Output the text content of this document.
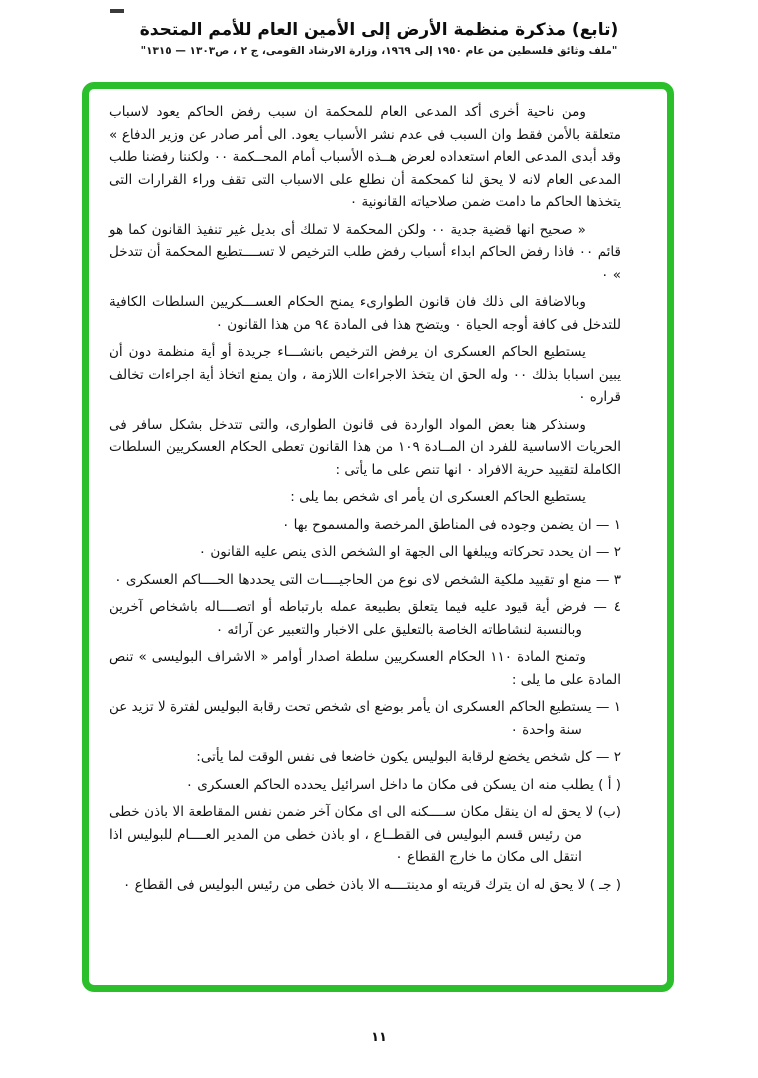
(تابع) مذكرة منظمة الأرض إلى الأمين العام للأمم المتحدة
"ملف وثائق فلسطين من عام ١٩٥٠ إلى ١٩٦٩، وزارة الارشاد القومى، ج ٢ ، ص١٣٠٣ — ١٣١٥"
ومن ناحية أخرى أكد المدعى العام للمحكمة ان سبب رفض الحاكم يعود لاسباب متعلقة بالأمن فقط وان السبب فى عدم نشر الأسباب يعود. الى أمر صادر عن وزير الدفاع » وقد أبدى المدعى العام استعداده لعرض هــذه الأسباب أمام المحــكمة ٠٠ ولكننا رفضنا طلب المدعى العام لانه لا يحق لنا كمحكمة أن نطلع على الاسباب التى تقف وراء القرارات التى يتخذها الحاكم ما دامت ضمن صلاحياته القانونية ٠
« صحيح انها قضية جدية ٠٠ ولكن المحكمة لا تملك أى بديل غير تنفيذ القانون كما هو قائم ٠٠ فاذا رفض الحاكم ابداء أسباب رفض طلب الترخيص لا تســــتطيع المحكمة أن تتدخل » ٠
وبالاضافة الى ذلك فان قانون الطوارىء يمنح الحكام العســـكريين السلطات الكافية للتدخل فى كافة أوجه الحياة ٠ ويتضح هذا فى المادة ٩٤ من هذا القانون ٠
يستطيع الحاكم العسكرى ان يرفض الترخيص بانشـــاء جريدة أو أية منظمة دون أن يبين اسبابا بذلك ٠٠ وله الحق ان يتخذ الاجراءات اللازمة ، وان يمنع اتخاذ أية اجراءات تخالف قراره ٠
وسنذكر هنا بعض المواد الواردة فى قانون الطوارى، والتى تتدخل بشكل سافر فى الحريات الاساسية للفرد ان المــادة ١٠٩ من هذا القانون تعطى الحكام العسكريين السلطات الكاملة لتقييد حرية الافراد ٠ انها تنص على ما يأتى :
يستطيع الحاكم العسكرى ان يأمر اى شخص بما يلى :
١ — ان يضمن وجوده فى المناطق المرخصة والمسموح بها ٠
٢ — ان يحدد تحركاته ويبلغها الى الجهة او الشخص الذى ينص عليه القانون ٠
٣ — منع او تقييد ملكية الشخص لاى نوع من الحاجيــــات التى يحددها الحــــاكم العسكرى ٠
٤ — فرض أية قيود عليه فيما يتعلق بطبيعة عمله بارتباطه أو اتصــــاله باشخاص آخرين وبالنسبة لنشاطاته الخاصة بالتعليق على الاخبار والتعبير عن آرائه ٠
وتمنح المادة ١١٠ الحكام العسكريين سلطة اصدار أوامر « الاشراف البوليسى » تنص المادة على ما يلى :
١ — يستطيع الحاكم العسكرى ان يأمر بوضع اى شخص تحت رقابة البوليس لفترة لا تزيد عن سنة واحدة ٠
٢ — كل شخص يخضع لرقابة البوليس يكون خاضعا فى نفس الوقت لما يأتى:
( أ ) يطلب منه ان يسكن فى مكان ما داخل اسرائيل يحدده الحاكم العسكرى ٠
(ب) لا يحق له ان ينقل مكان ســــكنه الى اى مكان آخر ضمن نفس المقاطعة الا باذن خطى من رئيس قسم البوليس فى القطــاع ، او باذن خطى من المدير العــــام للبوليس اذا انتقل الى مكان ما خارج القطاع ٠
( جـ ) لا يحق له ان يترك قريته او مدينتــــه الا باذن خطى من رئيس البوليس فى القطاع ٠
١١
